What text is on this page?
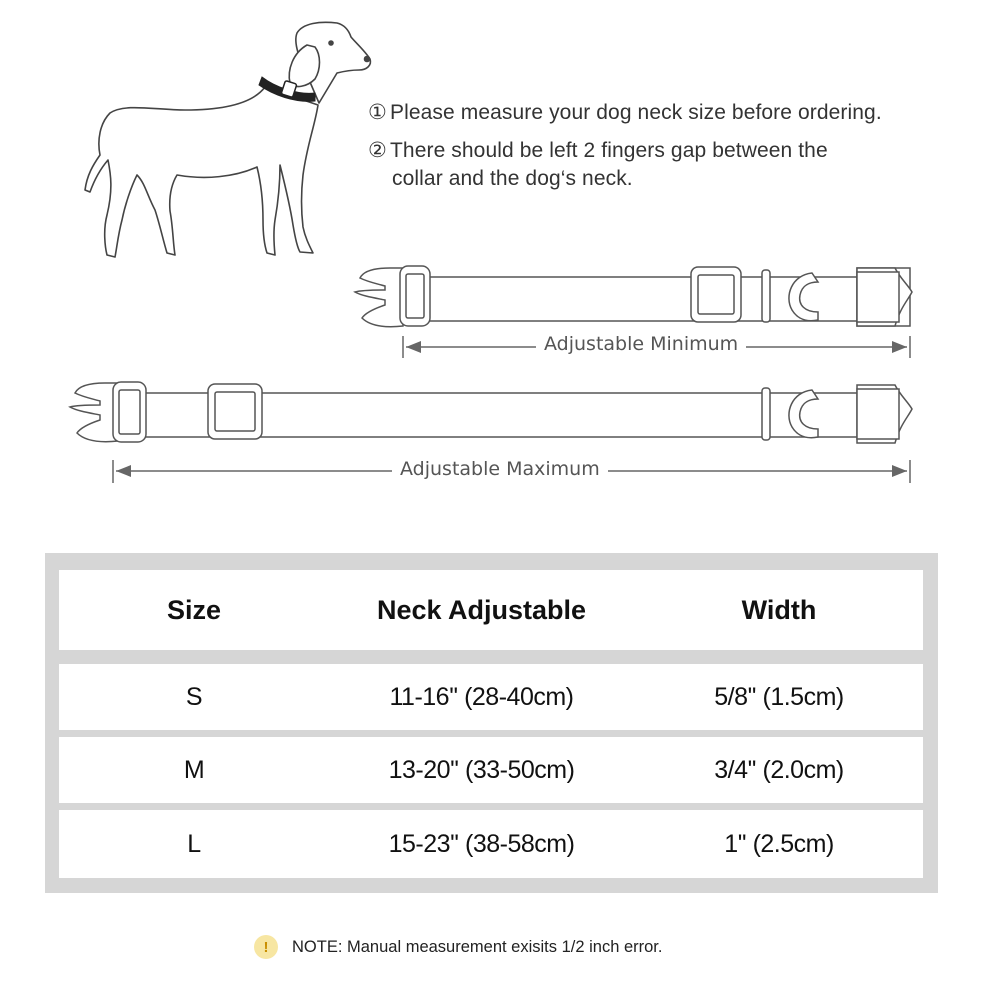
① Please measure your dog neck size before ordering.
② There should be left 2 fingers gap between the
collar and the dog‘s neck.
Adjustable Minimum
Adjustable Maximum
Size	Neck Adjustable	Width
S	11-16'' (28-40cm)	5/8'' (1.5cm)
M	13-20'' (33-50cm)	3/4'' (2.0cm)
L	15-23'' (38-58cm)	1'' (2.5cm)
!	NOTE: Manual measurement exisits 1/2 inch error.
